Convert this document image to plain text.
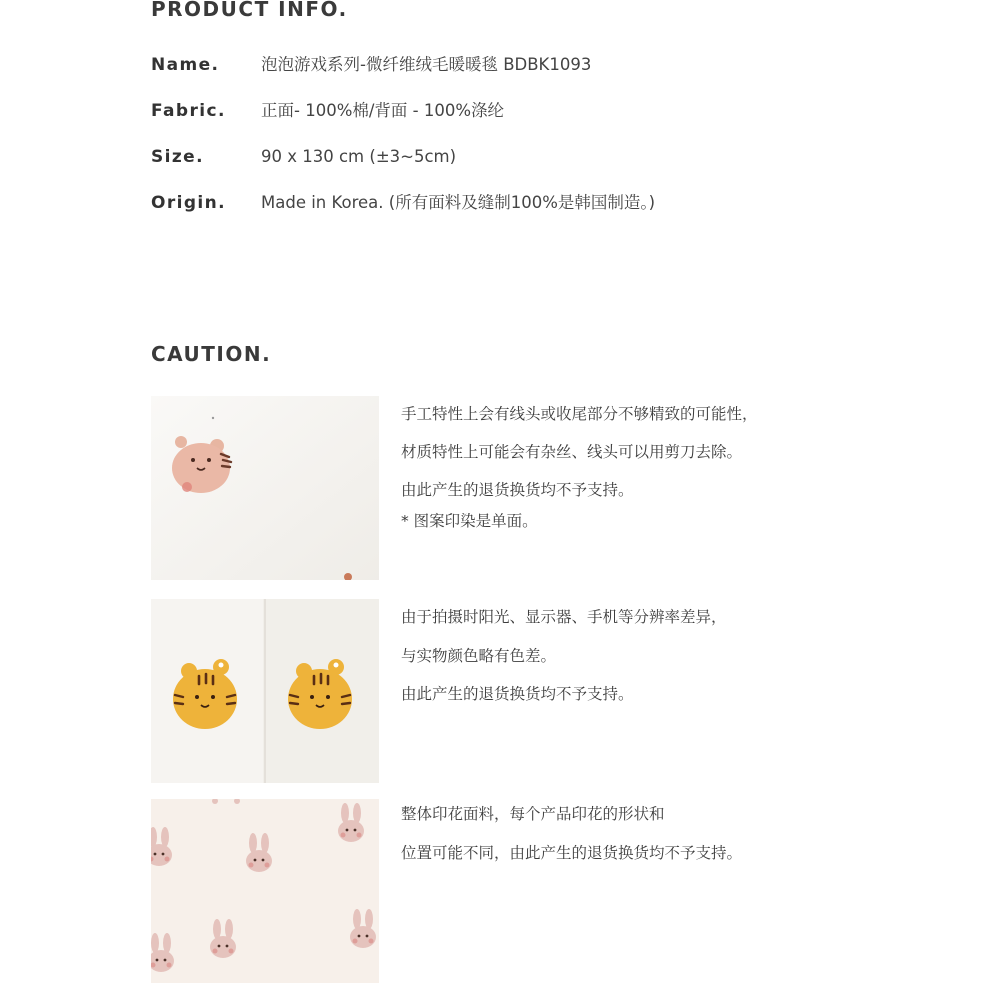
PRODUCT INFO.
Name.	泡泡游戏系列-微纤维绒毛暖暖毯 BDBK1093
Fabric.	正面- 100%棉/背面 - 100%涤纶
Size.	90 x 130 cm (±3~5cm)
Origin.	Made in Korea. (所有面料及缝制100%是韩国制造。)
CAUTION.
手工特性上会有线头或收尾部分不够精致的可能性，
材质特性上可能会有杂丝、线头可以用剪刀去除。
由此产生的退货换货均不予支持。
* 图案印染是单面。
由于拍摄时阳光、显示器、手机等分辨率差异，
与实物颜色略有色差。
由此产生的退货换货均不予支持。
整体印花面料，每个产品印花的形状和
位置可能不同，由此产生的退货换货均不予支持。
